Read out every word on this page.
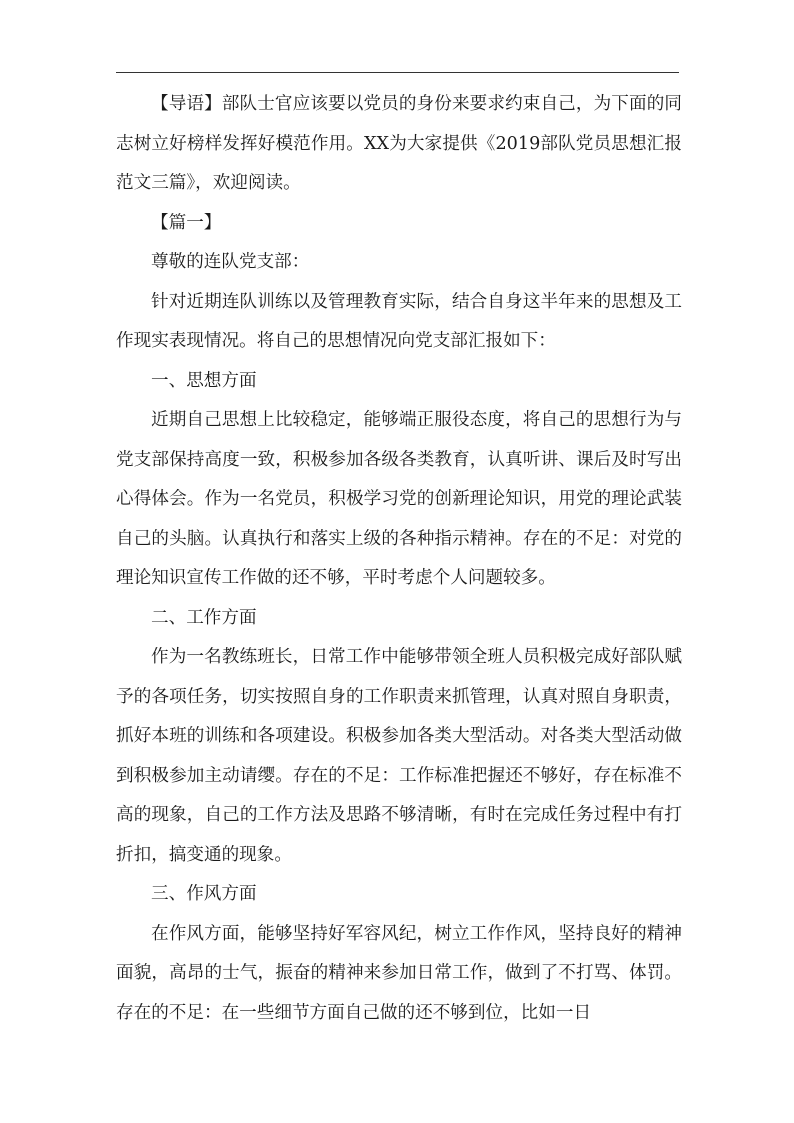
【导语】部队士官应该要以党员的身份来要求约束自己，为下面的同志树立好榜样发挥好模范作用。XX为大家提供《2019部队党员思想汇报范文三篇》，欢迎阅读。

【篇一】

尊敬的连队党支部：

针对近期连队训练以及管理教育实际，结合自身这半年来的思想及工作现实表现情况。将自己的思想情况向党支部汇报如下：

一、思想方面

近期自己思想上比较稳定，能够端正服役态度，将自己的思想行为与党支部保持高度一致，积极参加各级各类教育，认真听讲、课后及时写出心得体会。作为一名党员，积极学习党的创新理论知识，用党的理论武装自己的头脑。认真执行和落实上级的各种指示精神。存在的不足：对党的理论知识宣传工作做的还不够，平时考虑个人问题较多。

二、工作方面

作为一名教练班长，日常工作中能够带领全班人员积极完成好部队赋予的各项任务，切实按照自身的工作职责来抓管理，认真对照自身职责，抓好本班的训练和各项建设。积极参加各类大型活动。对各类大型活动做到积极参加主动请缨。存在的不足：工作标准把握还不够好，存在标准不高的现象，自己的工作方法及思路不够清晰，有时在完成任务过程中有打折扣，搞变通的现象。

三、作风方面

在作风方面，能够坚持好军容风纪，树立工作作风，坚持良好的精神面貌，高昂的士气，振奋的精神来参加日常工作，做到了不打骂、体罚。存在的不足：在一些细节方面自己做的还不够到位，比如一日
